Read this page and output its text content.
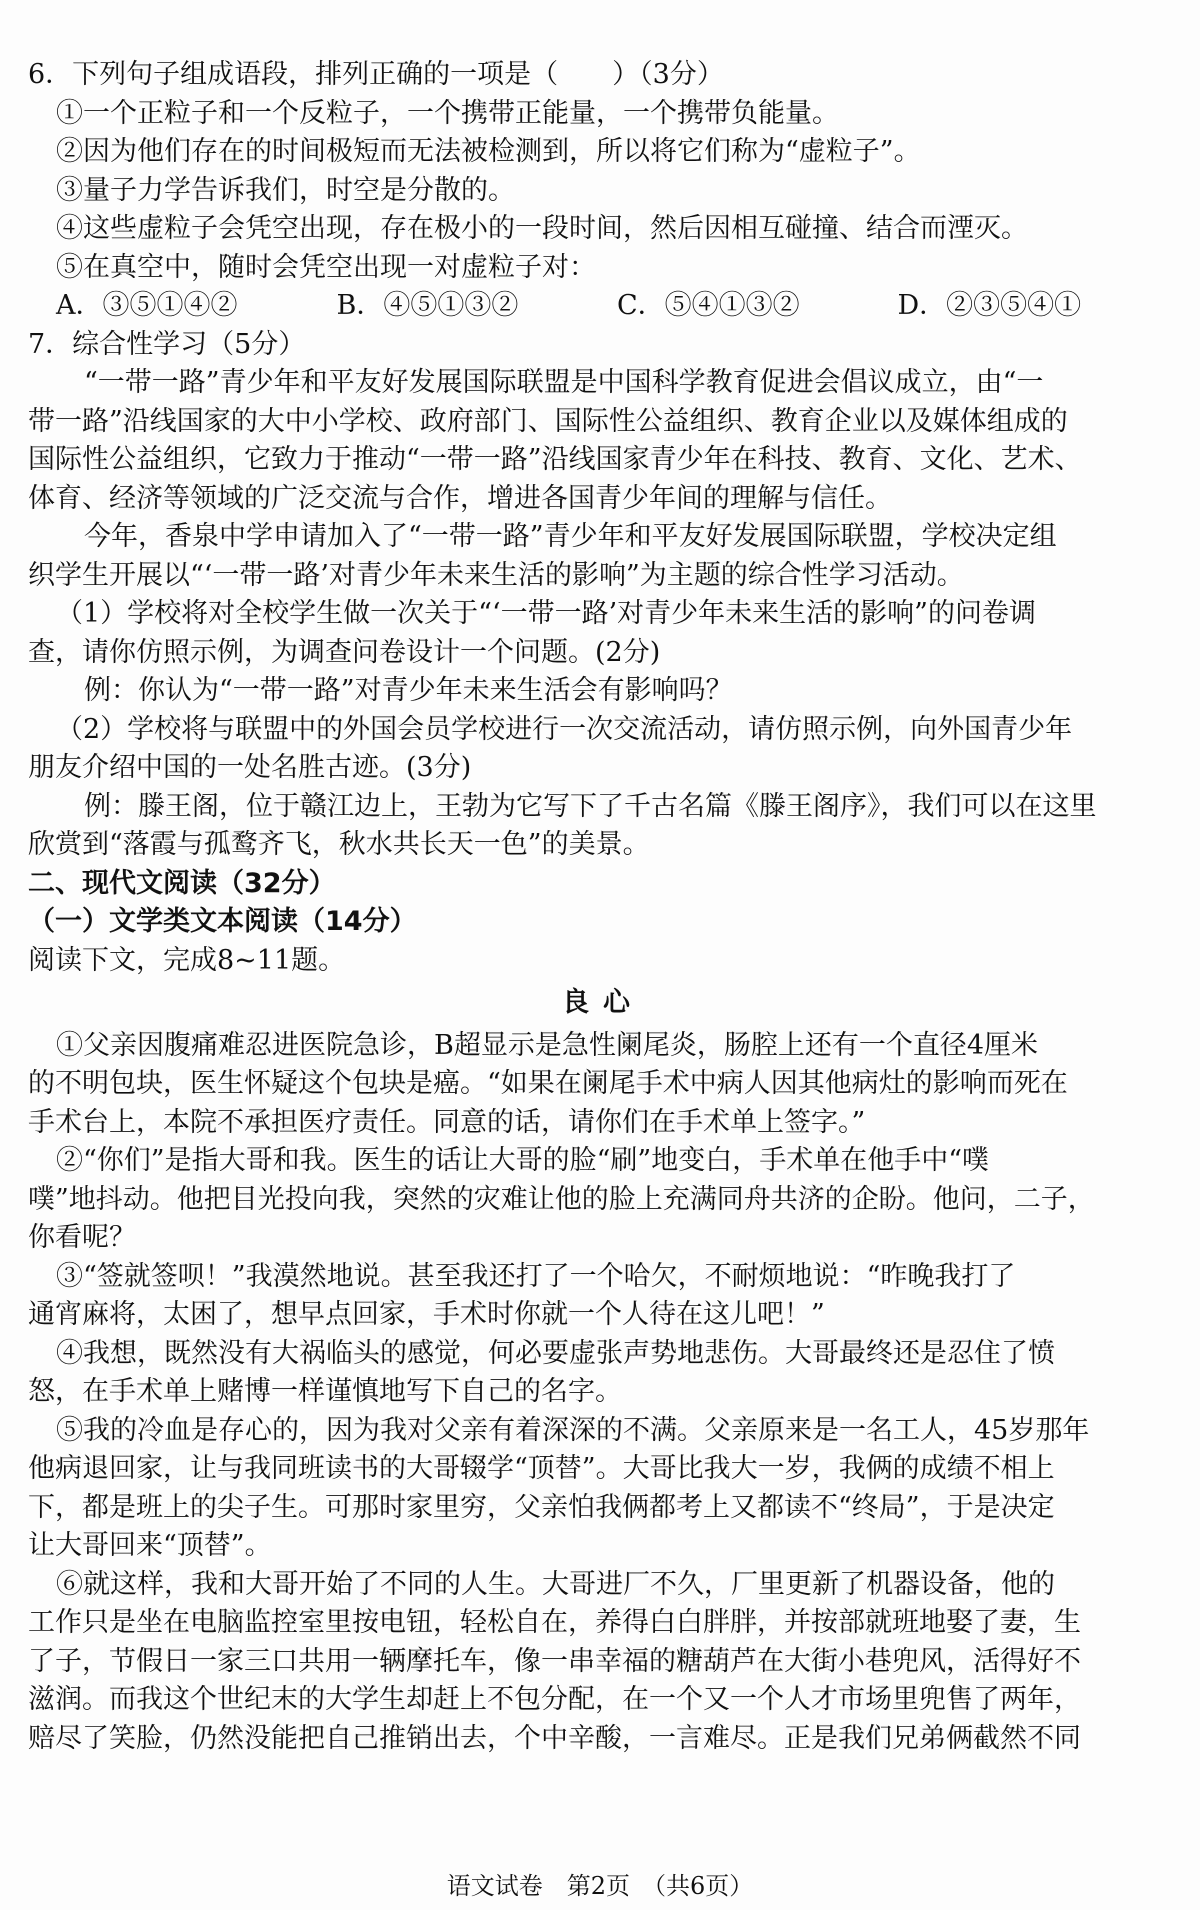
6．下列句子组成语段，排列正确的一项是（　　）（3分）
①一个正粒子和一个反粒子，一个携带正能量，一个携带负能量。
②因为他们存在的时间极短而无法被检测到，所以将它们称为“虚粒子”。
③量子力学告诉我们，时空是分散的。
④这些虚粒子会凭空出现，存在极小的一段时间，然后因相互碰撞、结合而湮灭。
⑤在真空中，随时会凭空出现一对虚粒子对：
A．③⑤①④②	B．④⑤①③②	C．⑤④①③②	D．②③⑤④①
7．综合性学习（5分）
“一带一路”青少年和平友好发展国际联盟是中国科学教育促进会倡议成立，由“一
带一路”沿线国家的大中小学校、政府部门、国际性公益组织、教育企业以及媒体组成的
国际性公益组织，它致力于推动“一带一路”沿线国家青少年在科技、教育、文化、艺术、
体育、经济等领域的广泛交流与合作，增进各国青少年间的理解与信任。
今年，香泉中学申请加入了“一带一路”青少年和平友好发展国际联盟，学校决定组
织学生开展以“‘一带一路’对青少年未来生活的影响”为主题的综合性学习活动。
（1）学校将对全校学生做一次关于“‘一带一路’对青少年未来生活的影响”的问卷调
查，请你仿照示例，为调查问卷设计一个问题。(2分)
例：你认为“一带一路”对青少年未来生活会有影响吗？
（2）学校将与联盟中的外国会员学校进行一次交流活动，请仿照示例，向外国青少年
朋友介绍中国的一处名胜古迹。(3分)
例：滕王阁，位于赣江边上，王勃为它写下了千古名篇《滕王阁序》，我们可以在这里
欣赏到“落霞与孤鹜齐飞，秋水共长天一色”的美景。
二、现代文阅读（32分）
（一）文学类文本阅读（14分）
阅读下文，完成8~11题。
良心
①父亲因腹痛难忍进医院急诊，B超显示是急性阑尾炎，肠腔上还有一个直径4厘米
的不明包块，医生怀疑这个包块是癌。“如果在阑尾手术中病人因其他病灶的影响而死在
手术台上，本院不承担医疗责任。同意的话，请你们在手术单上签字。”
②“你们”是指大哥和我。医生的话让大哥的脸“刷”地变白，手术单在他手中“噗
噗”地抖动。他把目光投向我，突然的灾难让他的脸上充满同舟共济的企盼。他问，二子，
你看呢？
③“签就签呗！”我漠然地说。甚至我还打了一个哈欠，不耐烦地说：“昨晚我打了
通宵麻将，太困了，想早点回家，手术时你就一个人待在这儿吧！”
④我想，既然没有大祸临头的感觉，何必要虚张声势地悲伤。大哥最终还是忍住了愤
怒，在手术单上赌博一样谨慎地写下自己的名字。
⑤我的冷血是存心的，因为我对父亲有着深深的不满。父亲原来是一名工人，45岁那年
他病退回家，让与我同班读书的大哥辍学“顶替”。大哥比我大一岁，我俩的成绩不相上
下，都是班上的尖子生。可那时家里穷，父亲怕我俩都考上又都读不“终局”，于是决定
让大哥回来“顶替”。
⑥就这样，我和大哥开始了不同的人生。大哥进厂不久，厂里更新了机器设备，他的
工作只是坐在电脑监控室里按电钮，轻松自在，养得白白胖胖，并按部就班地娶了妻，生
了子，节假日一家三口共用一辆摩托车，像一串幸福的糖葫芦在大街小巷兜风，活得好不
滋润。而我这个世纪末的大学生却赶上不包分配，在一个又一个人才市场里兜售了两年，
赔尽了笑脸，仍然没能把自己推销出去，个中辛酸，一言难尽。正是我们兄弟俩截然不同
语文试卷　第2页　（共6页）
